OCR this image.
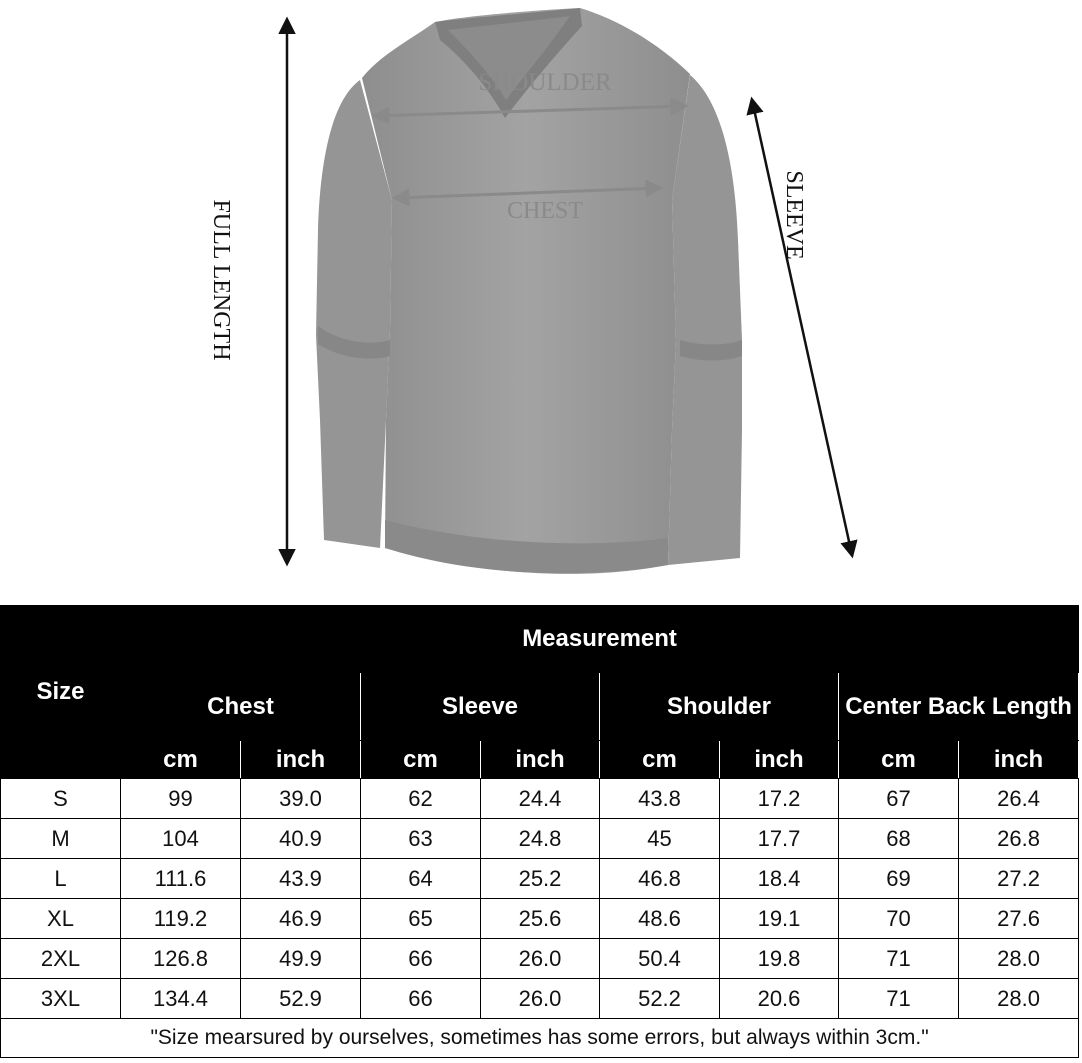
FULL LENGTH
SHOULDER
CHEST	SLEEVE
Size	Measurement							
	Chest		Sleeve		Shoulder		Center Back Length	
	cm	inch	cm	inch	cm	inch	cm	inch
S	99	39.0	62	24.4	43.8	17.2	67	26.4
M	104	40.9	63	24.8	45	17.7	68	26.8
L	111.6	43.9	64	25.2	46.8	18.4	69	27.2
XL	119.2	46.9	65	25.6	48.6	19.1	70	27.6
2XL	126.8	49.9	66	26.0	50.4	19.8	71	28.0
3XL	134.4	52.9	66	26.0	52.2	20.6	71	28.0
"Size mearsured by ourselves, sometimes has some errors, but always within 3cm."								
